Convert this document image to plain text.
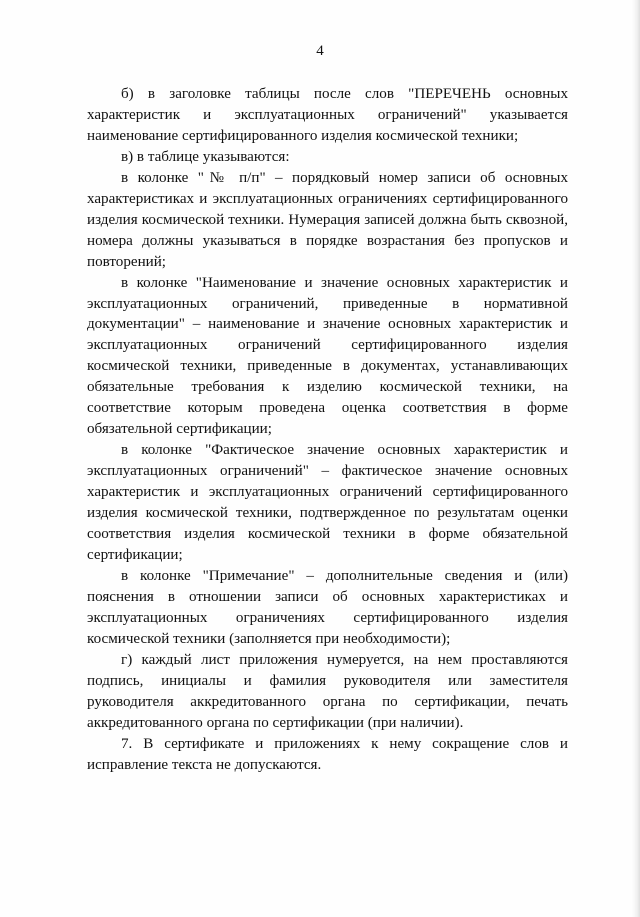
4

б) в заголовке таблицы после слов "ПЕРЕЧЕНЬ основных характеристик и эксплуатационных ограничений" указывается наименование сертифицированного изделия космической техники;

в) в таблице указываются:

в колонке "№ п/п" – порядковый номер записи об основных характеристиках и эксплуатационных ограничениях сертифицированного изделия космической техники. Нумерация записей должна быть сквозной, номера должны указываться в порядке возрастания без пропусков и повторений;

в колонке "Наименование и значение основных характеристик и эксплуатационных ограничений, приведенные в нормативной документации" – наименование и значение основных характеристик и эксплуатационных ограничений сертифицированного изделия космической техники, приведенные в документах, устанавливающих обязательные требования к изделию космической техники, на соответствие которым проведена оценка соответствия в форме обязательной сертификации;

в колонке "Фактическое значение основных характеристик и эксплуатационных ограничений" – фактическое значение основных характеристик и эксплуатационных ограничений сертифицированного изделия космической техники, подтвержденное по результатам оценки соответствия изделия космической техники в форме обязательной сертификации;

в колонке "Примечание" – дополнительные сведения и (или) пояснения в отношении записи об основных характеристиках и эксплуатационных ограничениях сертифицированного изделия космической техники (заполняется при необходимости);

г) каждый лист приложения нумеруется, на нем проставляются подпись, инициалы и фамилия руководителя или заместителя руководителя аккредитованного органа по сертификации, печать аккредитованного органа по сертификации (при наличии).

7. В сертификате и приложениях к нему сокращение слов и исправление текста не допускаются.
